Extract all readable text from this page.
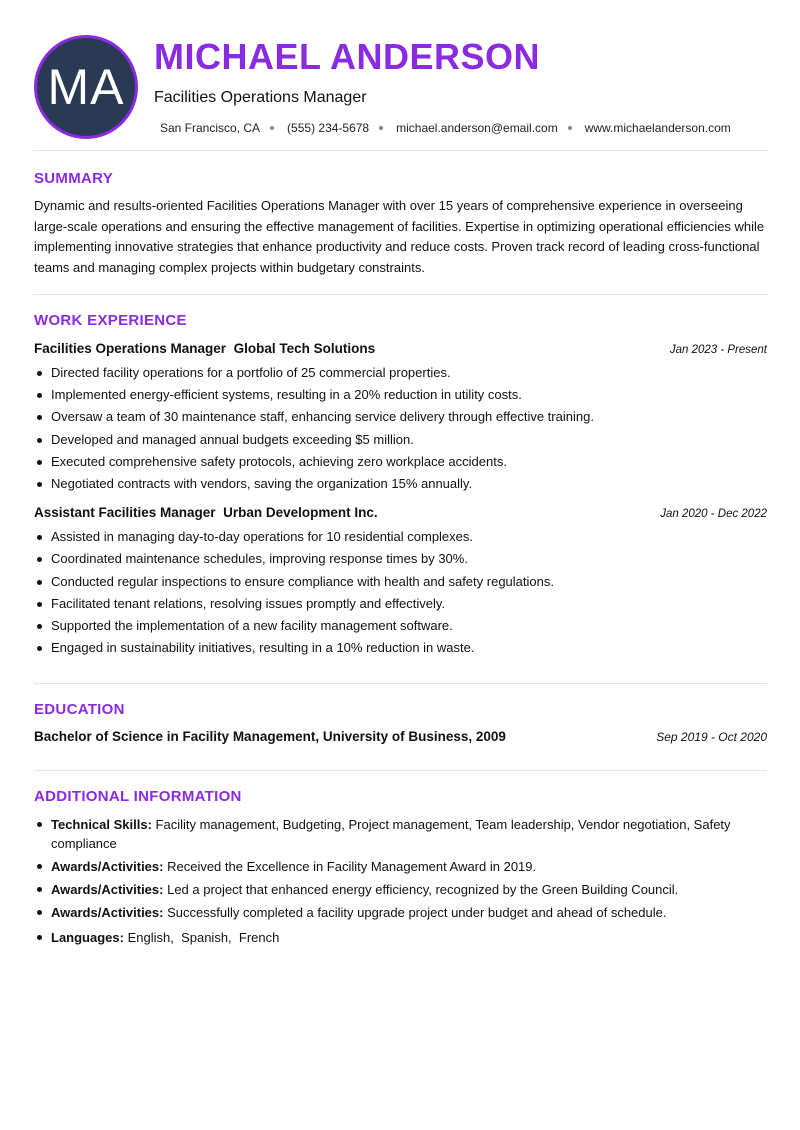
MA
MICHAEL ANDERSON
Facilities Operations Manager
San Francisco, CA (555) 234-5678 michael.anderson@email.com www.michaelanderson.com
SUMMARY
Dynamic and results-oriented Facilities Operations Manager with over 15 years of comprehensive experience in overseeing large-scale operations and ensuring the effective management of facilities. Expertise in optimizing operational efficiencies while implementing innovative strategies that enhance productivity and reduce costs. Proven track record of leading cross-functional teams and managing complex projects within budgetary constraints.
WORK EXPERIENCE
Facilities Operations Manager Global Tech Solutions	Jan 2023 - Present
Directed facility operations for a portfolio of 25 commercial properties.
Implemented energy-efficient systems, resulting in a 20% reduction in utility costs.
Oversaw a team of 30 maintenance staff, enhancing service delivery through effective training.
Developed and managed annual budgets exceeding $5 million.
Executed comprehensive safety protocols, achieving zero workplace accidents.
Negotiated contracts with vendors, saving the organization 15% annually.
Assistant Facilities Manager Urban Development Inc.	Jan 2020 - Dec 2022
Assisted in managing day-to-day operations for 10 residential complexes.
Coordinated maintenance schedules, improving response times by 30%.
Conducted regular inspections to ensure compliance with health and safety regulations.
Facilitated tenant relations, resolving issues promptly and effectively.
Supported the implementation of a new facility management software.
Engaged in sustainability initiatives, resulting in a 10% reduction in waste.
EDUCATION
Bachelor of Science in Facility Management, University of Business, 2009	Sep 2019 - Oct 2020
ADDITIONAL INFORMATION
Technical Skills: Facility management, Budgeting, Project management, Team leadership, Vendor negotiation, Safety compliance
Awards/Activities: Received the Excellence in Facility Management Award in 2019.
Awards/Activities: Led a project that enhanced energy efficiency, recognized by the Green Building Council.
Awards/Activities: Successfully completed a facility upgrade project under budget and ahead of schedule.
Languages: English,  Spanish,  French
